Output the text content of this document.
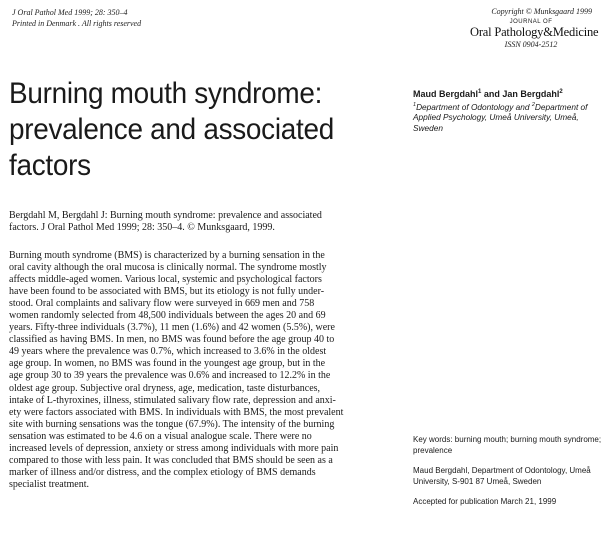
J Oral Pathol Med 1999; 28: 350–4
Printed in Denmark . All rights reserved
Copyright © Munksgaard 1999
JOURNAL OF
Oral Pathology&Medicine
ISSN 0904-2512
Burning mouth syndrome: prevalence and associated factors
Maud Bergdahl$^1$ and Jan Bergdahl$^2$
$^1$Department of Odontology and $^2$Department of Applied Psychology, Umeå University, Umeå, Sweden

Bergdahl M, Bergdahl J: Burning mouth syndrome: prevalence and associated
factors. J Oral Pathol Med 1999; 28: 350–4. © Munksgaard, 1999.

Burning mouth syndrome (BMS) is characterized by a burning sensation in the
oral cavity although the oral mucosa is clinically normal. The syndrome mostly
affects middle-aged women. Various local, systemic and psychological factors
have been found to be associated with BMS, but its etiology is not fully under-
stood. Oral complaints and salivary flow were surveyed in 669 men and 758
women randomly selected from 48,500 individuals between the ages 20 and 69
years. Fifty-three individuals (3.7%), 11 men (1.6%) and 42 women (5.5%), were
classified as having BMS. In men, no BMS was found before the age group 40 to
49 years where the prevalence was 0.7%, which increased to 3.6% in the oldest
age group. In women, no BMS was found in the youngest age group, but in the
age group 30 to 39 years the prevalence was 0.6% and increased to 12.2% in the
oldest age group. Subjective oral dryness, age, medication, taste disturbances,
intake of L-thyroxines, illness, stimulated salivary flow rate, depression and anxi-
ety were factors associated with BMS. In individuals with BMS, the most prevalent
site with burning sensations was the tongue (67.9%). The intensity of the burning
sensation was estimated to be 4.6 on a visual analogue scale. There were no
increased levels of depression, anxiety or stress among individuals with more pain
compared to those with less pain. It was concluded that BMS should be seen as a
marker of illness and/or distress, and the complex etiology of BMS demands
specialist treatment.

Key words: burning mouth; burning mouth syndrome; prevalence
Maud Bergdahl, Department of Odontology, Umeå University, S-901 87 Umeå, Sweden
Accepted for publication March 21, 1999
